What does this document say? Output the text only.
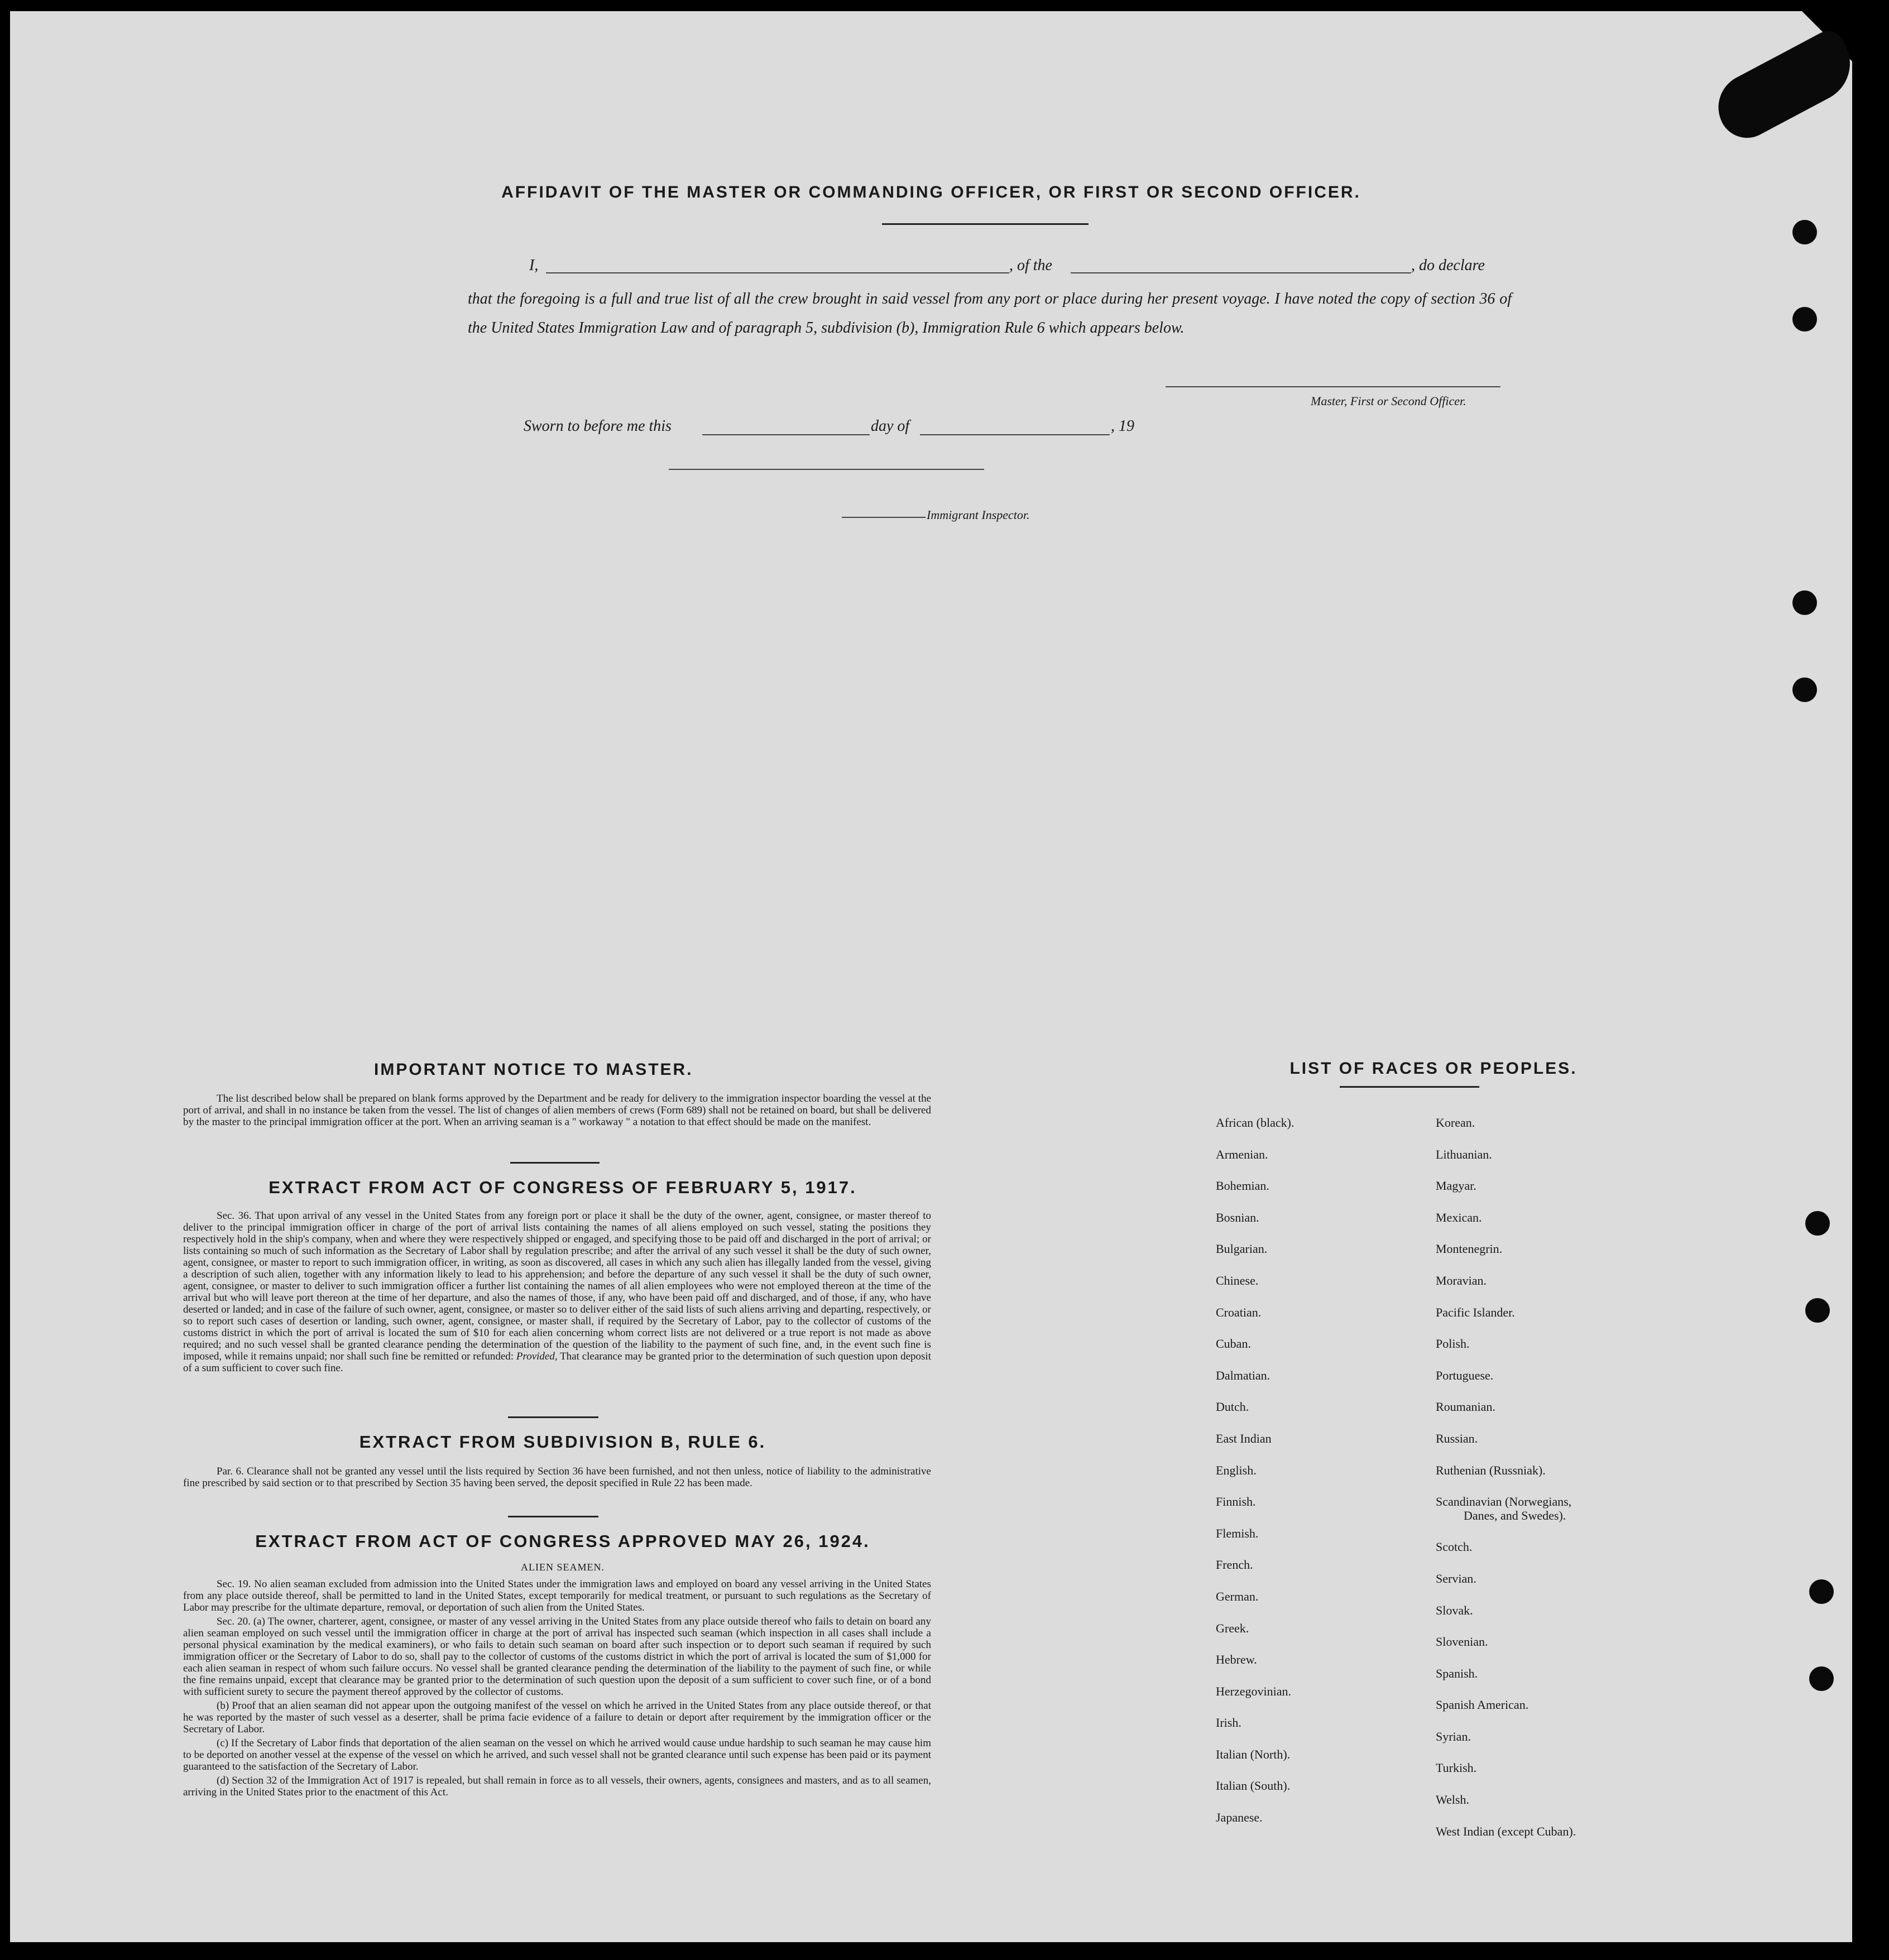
AFFIDAVIT OF THE MASTER OR COMMANDING OFFICER, OR FIRST OR SECOND OFFICER.
I,	, of the	, do declare
that the foregoing is a full and true list of all the crew brought in said vessel from any port or place during her present voyage. I have noted the copy of section 36 of the United States Immigration Law and of paragraph 5, subdivision (b), Immigration Rule 6 which appears below.
Master, First or Second Officer.
Sworn to before me this	day of	, 19
Immigrant Inspector.
IMPORTANT NOTICE TO MASTER.
The list described below shall be prepared on blank forms approved by the Department and be ready for delivery to the immigration inspector boarding the vessel at the port of arrival, and shall in no instance be taken from the vessel. The list of changes of alien members of crews (Form 689) shall not be retained on board, but shall be delivered by the master to the principal immigration officer at the port. When an arriving seaman is a " workaway " a notation to that effect should be made on the manifest.
EXTRACT FROM ACT OF CONGRESS OF FEBRUARY 5, 1917.
Sec. 36. That upon arrival of any vessel in the United States from any foreign port or place it shall be the duty of the owner, agent, consignee, or master thereof to deliver to the principal immigration officer in charge of the port of arrival lists containing the names of all aliens employed on such vessel, stating the positions they respectively hold in the ship's company, when and where they were respectively shipped or engaged, and specifying those to be paid off and discharged in the port of arrival; or lists containing so much of such information as the Secretary of Labor shall by regulation prescribe; and after the arrival of any such vessel it shall be the duty of such owner, agent, consignee, or master to report to such immigration officer, in writing, as soon as discovered, all cases in which any such alien has illegally landed from the vessel, giving a description of such alien, together with any information likely to lead to his apprehension; and before the departure of any such vessel it shall be the duty of such owner, agent, consignee, or master to deliver to such immigration officer a further list containing the names of all alien employees who were not employed thereon at the time of the arrival but who will leave port thereon at the time of her departure, and also the names of those, if any, who have been paid off and discharged, and of those, if any, who have deserted or landed; and in case of the failure of such owner, agent, consignee, or master so to deliver either of the said lists of such aliens arriving and departing, respectively, or so to report such cases of desertion or landing, such owner, agent, consignee, or master shall, if required by the Secretary of Labor, pay to the collector of customs of the customs district in which the port of arrival is located the sum of $10 for each alien concerning whom correct lists are not delivered or a true report is not made as above required; and no such vessel shall be granted clearance pending the determination of the question of the liability to the payment of such fine, and, in the event such fine is imposed, while it remains unpaid; nor shall such fine be remitted or refunded: Provided, That clearance may be granted prior to the determination of such question upon deposit of a sum sufficient to cover such fine.
EXTRACT FROM SUBDIVISION B, RULE 6.
Par. 6. Clearance shall not be granted any vessel until the lists required by Section 36 have been furnished, and not then unless, notice of liability to the administrative fine prescribed by said section or to that prescribed by Section 35 having been served, the deposit specified in Rule 22 has been made.
EXTRACT FROM ACT OF CONGRESS APPROVED MAY 26, 1924.
ALIEN SEAMEN.
Sec. 19. No alien seaman excluded from admission into the United States under the immigration laws and employed on board any vessel arriving in the United States from any place outside thereof, shall be permitted to land in the United States, except temporarily for medical treatment, or pursuant to such regulations as the Secretary of Labor may prescribe for the ultimate departure, removal, or deportation of such alien from the United States.
Sec. 20. (a) The owner, charterer, agent, consignee, or master of any vessel arriving in the United States from any place outside thereof who fails to detain on board any alien seaman employed on such vessel until the immigration officer in charge at the port of arrival has inspected such seaman (which inspection in all cases shall include a personal physical examination by the medical examiners), or who fails to detain such seaman on board after such inspection or to deport such seaman if required by such immigration officer or the Secretary of Labor to do so, shall pay to the collector of customs of the customs district in which the port of arrival is located the sum of $1,000 for each alien seaman in respect of whom such failure occurs. No vessel shall be granted clearance pending the determination of the liability to the payment of such fine, or while the fine remains unpaid, except that clearance may be granted prior to the determination of such question upon the deposit of a sum sufficient to cover such fine, or of a bond with sufficient surety to secure the payment thereof approved by the collector of customs.
(b) Proof that an alien seaman did not appear upon the outgoing manifest of the vessel on which he arrived in the United States from any place outside thereof, or that he was reported by the master of such vessel as a deserter, shall be prima facie evidence of a failure to detain or deport after requirement by the immigration officer or the Secretary of Labor.
(c) If the Secretary of Labor finds that deportation of the alien seaman on the vessel on which he arrived would cause undue hardship to such seaman he may cause him to be deported on another vessel at the expense of the vessel on which he arrived, and such vessel shall not be granted clearance until such expense has been paid or its payment guaranteed to the satisfaction of the Secretary of Labor.
(d) Section 32 of the Immigration Act of 1917 is repealed, but shall remain in force as to all vessels, their owners, agents, consignees and masters, and as to all seamen, arriving in the United States prior to the enactment of this Act.
LIST OF RACES OR PEOPLES.
African (black).
Armenian.
Bohemian.
Bosnian.
Bulgarian.
Chinese.
Croatian.
Cuban.
Dalmatian.
Dutch.
East Indian
English.
Finnish.
Flemish.
French.
German.
Greek.
Hebrew.
Herzegovinian.
Irish.
Italian (North).
Italian (South).
Japanese.
Korean.
Lithuanian.
Magyar.
Mexican.
Montenegrin.
Moravian.
Pacific Islander.
Polish.
Portuguese.
Roumanian.
Russian.
Ruthenian (Russniak).
Scandinavian (Norwegians,
Danes, and Swedes).
Scotch.
Servian.
Slovak.
Slovenian.
Spanish.
Spanish American.
Syrian.
Turkish.
Welsh.
West Indian (except Cuban).
